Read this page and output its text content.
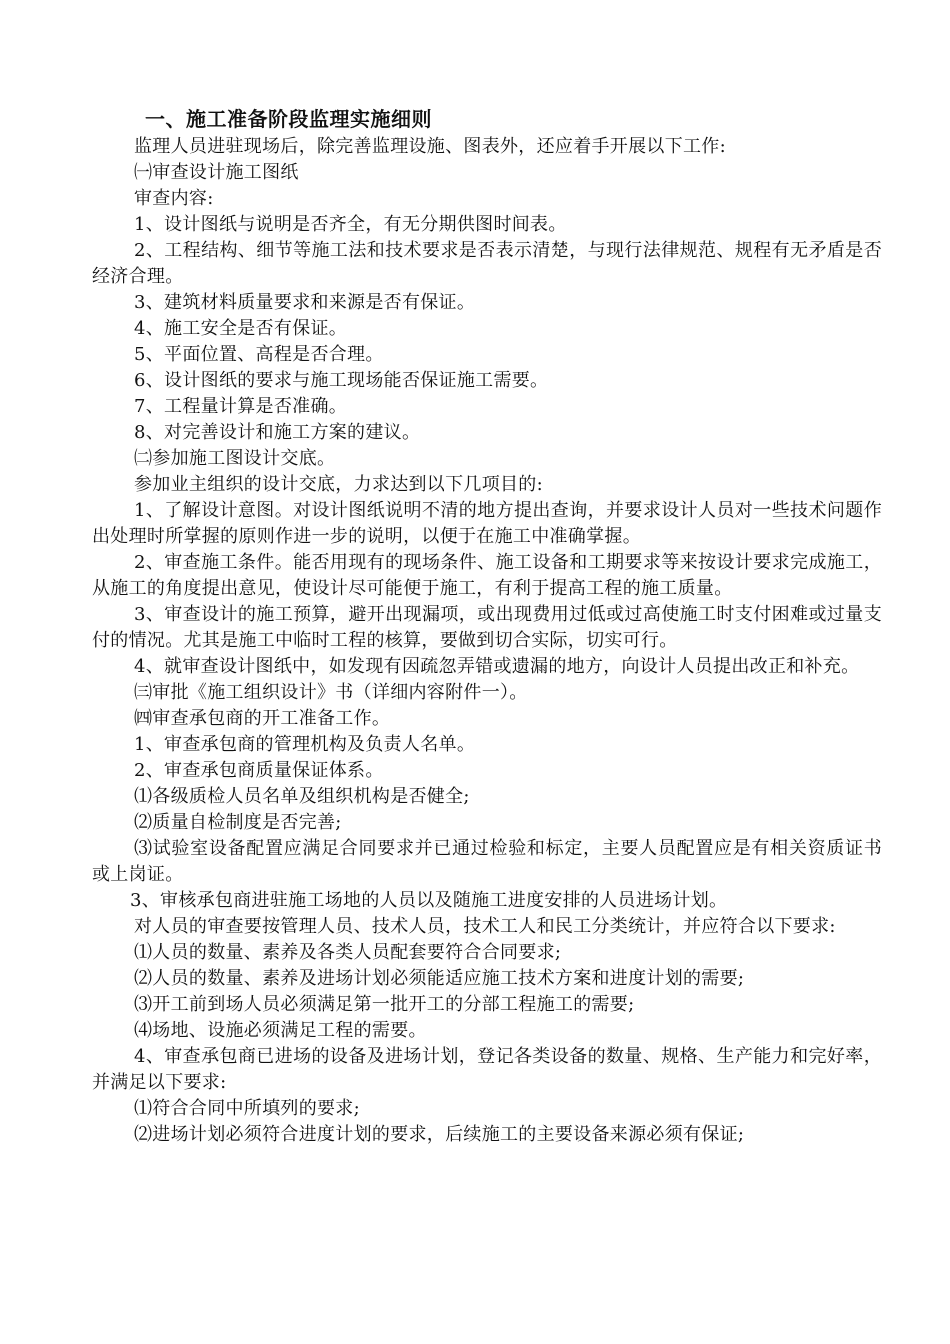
一、施工准备阶段监理实施细则

监理人员进驻现场后，除完善监理设施、图表外，还应着手开展以下工作:

㈠审查设计施工图纸

审查内容:

1、设计图纸与说明是否齐全，有无分期供图时间表。

2、工程结构、细节等施工法和技术要求是否表示清楚，与现行法律规范、规程有无矛盾是否经济合理。

3、建筑材料质量要求和来源是否有保证。

4、施工安全是否有保证。

5、平面位置、高程是否合理。

6、设计图纸的要求与施工现场能否保证施工需要。

7、工程量计算是否准确。

8、对完善设计和施工方案的建议。

㈡参加施工图设计交底。

参加业主组织的设计交底，力求达到以下几项目的:

1、了解设计意图。对设计图纸说明不清的地方提出查询，并要求设计人员对一些技术问题作出处理时所掌握的原则作进一步的说明，以便于在施工中准确掌握。

2、审查施工条件。能否用现有的现场条件、施工设备和工期要求等来按设计要求完成施工，从施工的角度提出意见，使设计尽可能便于施工，有利于提高工程的施工质量。

3、审查设计的施工预算，避开出现漏项，或出现费用过低或过高使施工时支付困难或过量支付的情况。尤其是施工中临时工程的核算，要做到切合实际，切实可行。

4、就审查设计图纸中，如发现有因疏忽弄错或遗漏的地方，向设计人员提出改正和补充。

㈢审批《施工组织设计》书（详细内容附件一）。

㈣审查承包商的开工准备工作。

1、审查承包商的管理机构及负责人名单。

2、审查承包商质量保证体系。

⑴各级质检人员名单及组织机构是否健全;

⑵质量自检制度是否完善;

⑶试验室设备配置应满足合同要求并已通过检验和标定，主要人员配置应是有相关资质证书或上岗证。

3、审核承包商进驻施工场地的人员以及随施工进度安排的人员进场计划。

对人员的审查要按管理人员、技术人员，技术工人和民工分类统计，并应符合以下要求:

⑴人员的数量、素养及各类人员配套要符合合同要求;

⑵人员的数量、素养及进场计划必须能适应施工技术方案和进度计划的需要;

⑶开工前到场人员必须满足第一批开工的分部工程施工的需要;

⑷场地、设施必须满足工程的需要。

4、审查承包商已进场的设备及进场计划，登记各类设备的数量、规格、生产能力和完好率，并满足以下要求:

⑴符合合同中所填列的要求;

⑵进场计划必须符合进度计划的要求，后续施工的主要设备来源必须有保证;
